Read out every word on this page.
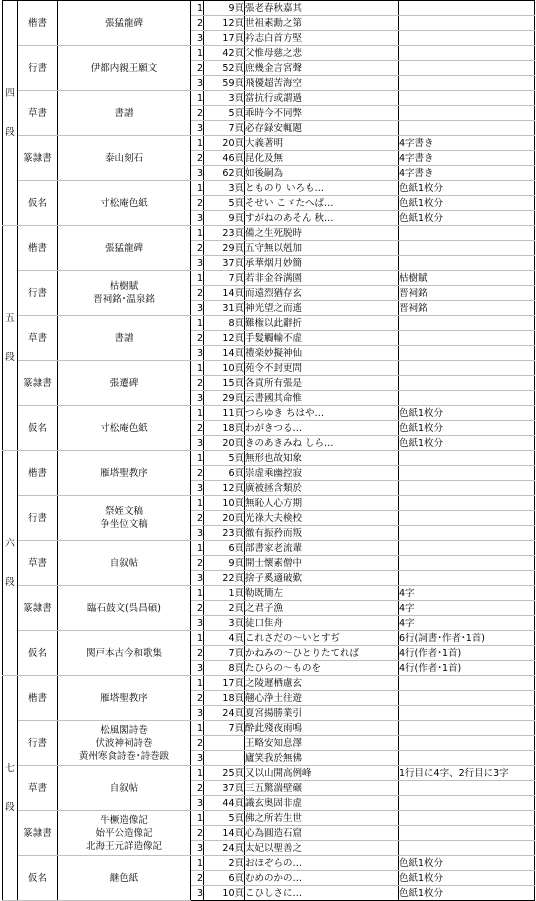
四
段	楷書	張猛龍碑	1	9頁	張老春秋嘉其	
			2	12頁	世祖素勳之第	
			3	17頁	衿志白首方堅	
	行書	伊都内親王願文	1	42頁	父惟母慈之悲	
			2	52頁	庶幾金言宮聲	
			3	59頁	飛優超苦海空	
	草書	書譜	1	3頁	當抗行或謂過	
			2	5頁	乖時今不同弊	
			3	7頁	必存録安輒題	
	篆隷書	泰山刻石	1	20頁	大義著明	4字書き
			2	46頁	昆化及無	4字書き
			3	62頁	如後嗣為	4字書き
	仮名	寸松庵色紙	1	3頁	とものり いろも…	色紙1枚分
			2	5頁	そせい こゞたへば…	色紙1枚分
			3	9頁	すがねのあそん 秋…	色紙1枚分

五
段	楷書	張猛龍碑	1	23頁	備之生死脱時	
			2	29頁	五守無以剋加	
			3	37頁	承華烟月妙簡	
	行書	枯樹賦
晋祠銘･温泉銘	1	7頁	若非金谷满園	枯樹賦
			2	14頁	而遠烈猶存玄	晋祠銘
			3	31頁	神光望之而遙	晋祠銘
	草書	書譜	1	8頁	難権以此辭折	
			2	12頁	手髮觸輸不虚	
			3	14頁	禮楽妙擬神仙	
	篆隷書	張遷碑	1	10頁	苑令不封更問	
			2	15頁	各貢所有張是	
			3	29頁	云書國其命惟	
	仮名	寸松庵色紙	1	11頁	つらゆき ちはや…	色紙1枚分
			2	18頁	わがきつる…	色紙1枚分
			3	20頁	きのあきみね しら…	色紙1枚分

六
段	楷書	雁塔聖教序	1	5頁	無形也故知象	
			2	6頁	崇虚乘幽控寂	
			3	12頁	廣被拯含類於	
	行書	祭姪文稿
争坐位文稿	1	10頁	無恥人心方期	
			2	20頁	光祿大夫検校	
			3	23頁	徹有振矜而叛	
	草書	自叙帖	1	6頁	部書家老流輩	
			2	9頁	開士懷素僧中	
			3	22頁	捨子奚適破歎	
	篆隷書	臨石鼓文(呉昌碩)	1	1頁	勒既簡左	4字
			2	2頁	之君子漁	4字
			3	3頁	徒口隹舟	4字
	仮名	関戸本古今和歌集	1	4頁	これさだの～いとすぢ	6行(詞書･作者･1首)
			2	7頁	かねみの～ひとりたてれば	4行(作者･1首)
			3	8頁	たひらの～ものを	4行(作者･1首)

七
段	楷書	雁塔聖教序	1	17頁	之陵遲栖慮玄	
			2	18頁	翹心浄土往遊	
			3	24頁	夏宮揚勝業引	
	行書	松風閣詩巻
伏波神祠詩巻
黄州寒食詩巻･詩巻跋	1	7頁	酔此殘夜雨鳴	
			2		王略安知息澤	
			3		廬笑我於無佛	
	草書	自叙帖	1	25頁	又以山開高例峰	1行目に4字、2行目に3字
			2	37頁	三五驚湍壁碾	
			3	44頁	識玄奥固非虚	
	篆隷書	牛橛造像記
始平公造像記
北海王元詳造像記	1	5頁	佛之所若生世	
			2	14頁	心為圓造石窟	
			3	24頁	太妃以聖善之	
	仮名	継色紙	1	2頁	おほぞらの…	色紙1枚分
			2	6頁	むめのかの…	色紙1枚分
			3	10頁	こひしさに…	色紙1枚分
